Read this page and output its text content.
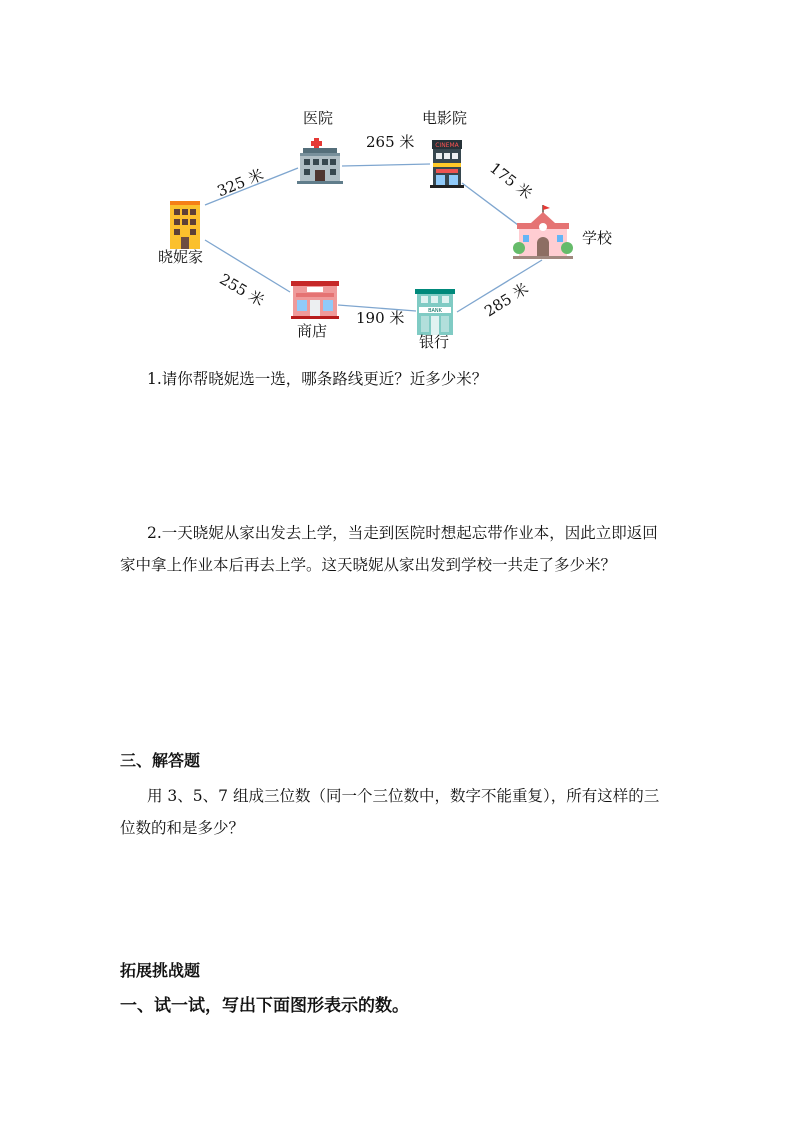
医院
CINEMA
电影院
晓妮家
学校
商店
BANK
银行
325 米
265 米
175 米
255 米
190 米	285 米
1.请你帮晓妮选一选，哪条路线更近？近多少米？
2.一天晓妮从家出发去上学，当走到医院时想起忘带作业本，因此立即返回
家中拿上作业本后再去上学。这天晓妮从家出发到学校一共走了多少米？
三、解答题
用 3、5、7 组成三位数（同一个三位数中，数字不能重复），所有这样的三
位数的和是多少？
拓展挑战题
一、试一试，写出下面图形表示的数。
